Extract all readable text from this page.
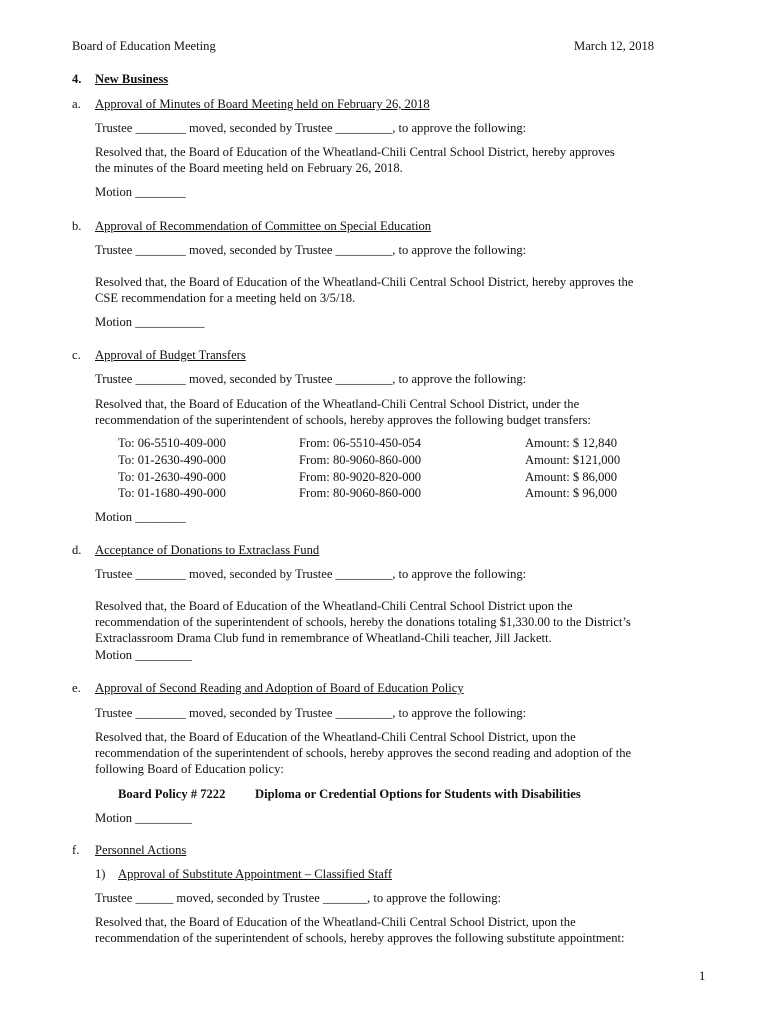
Board of Education Meeting	March 12, 2018
4. New Business
a. Approval of Minutes of Board Meeting held on February 26, 2018
Trustee ________ moved, seconded by Trustee _________, to approve the following:
Resolved that, the Board of Education of the Wheatland-Chili Central School District, hereby approves
the minutes of the Board meeting held on February 26, 2018.
Motion ________
b. Approval of Recommendation of Committee on Special Education
Trustee ________ moved, seconded by Trustee _________, to approve the following:
Resolved that, the Board of Education of the Wheatland-Chili Central School District, hereby approves the
CSE recommendation for a meeting held on 3/5/18.
Motion ___________
c. Approval of Budget Transfers
Trustee ________ moved, seconded by Trustee _________, to approve the following:
Resolved that, the Board of Education of the Wheatland-Chili Central School District, under the
recommendation of the superintendent of schools, hereby approves the following budget transfers:
To: 06-5510-409-000	From: 06-5510-450-054	Amount: $ 12,840
To: 01-2630-490-000	From: 80-9060-860-000	Amount: $121,000
To: 01-2630-490-000	From: 80-9020-820-000	Amount: $ 86,000
To: 01-1680-490-000	From: 80-9060-860-000	Amount: $ 96,000
Motion ________
d. Acceptance of Donations to Extraclass Fund
Trustee ________ moved, seconded by Trustee _________, to approve the following:
Resolved that, the Board of Education of the Wheatland-Chili Central School District upon the
recommendation of the superintendent of schools, hereby the donations totaling $1,330.00 to the District’s
Extraclassroom Drama Club fund in remembrance of Wheatland-Chili teacher, Jill Jackett.
Motion _________
e. Approval of Second Reading and Adoption of Board of Education Policy
Trustee ________ moved, seconded by Trustee _________, to approve the following:
Resolved that, the Board of Education of the Wheatland-Chili Central School District, upon the
recommendation of the superintendent of schools, hereby approves the second reading and adoption of the
following Board of Education policy:
Board Policy # 7222 Diploma or Credential Options for Students with Disabilities
Motion _________
f. Personnel Actions
1) Approval of Substitute Appointment – Classified Staff
Trustee ______ moved, seconded by Trustee _______, to approve the following:
Resolved that, the Board of Education of the Wheatland-Chili Central School District, upon the
recommendation of the superintendent of schools, hereby approves the following substitute appointment:
1
